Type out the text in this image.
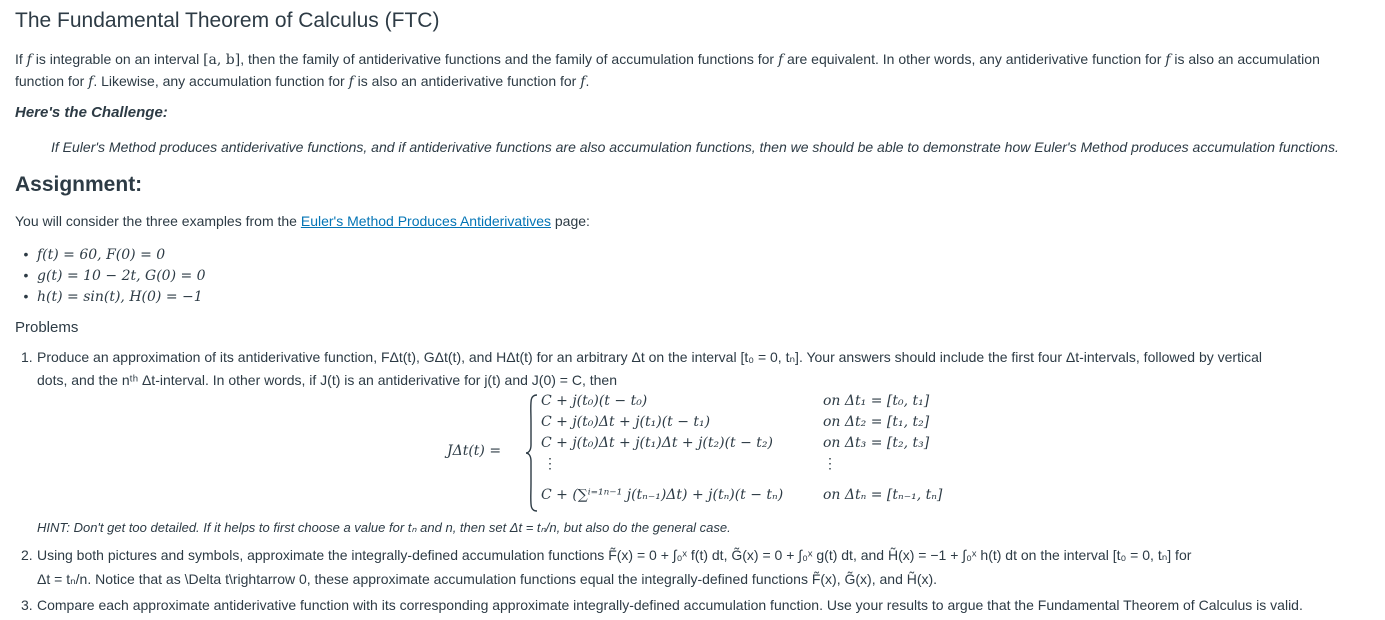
The Fundamental Theorem of Calculus (FTC)
If f is integrable on an interval [a, b], then the family of antiderivative functions and the family of accumulation functions for f are equivalent. In other words, any antiderivative function for f is also an accumulation
function for f. Likewise, any accumulation function for f is also an antiderivative function for f.
Here's the Challenge:
If Euler's Method produces antiderivative functions, and if antiderivative functions are also accumulation functions, then we should be able to demonstrate how Euler's Method produces accumulation functions.
Assignment:
You will consider the three examples from the Euler's Method Produces Antiderivatives page:
• f(t) = 60, F(0) = 0
• g(t) = 10 − 2t, G(0) = 0
• h(t) = sin(t), H(0) = −1
Problems
1. Produce an approximation of its antiderivative function, FΔt(t), GΔt(t), and HΔt(t) for an arbitrary Δt on the interval [t₀ = 0, tₙ]. Your answers should include the first four Δt-intervals, followed by vertical
dots, and the nᵗʰ Δt-interval. In other words, if J(t) is an antiderivative for j(t) and J(0) = C, then
JΔt(t) =
C + j(t₀)(t − t₀)
C + j(t₀)Δt + j(t₁)(t − t₁)
C + j(t₀)Δt + j(t₁)Δt + j(t₂)(t − t₂)
⋮
C + (∑ⁱ⁼¹ⁿ⁻¹ j(tₙ₋₁)Δt) + j(tₙ)(t − tₙ)
on Δt₁ = [t₀, t₁]
on Δt₂ = [t₁, t₂]
on Δt₃ = [t₂, t₃]
⋮
on Δtₙ = [tₙ₋₁, tₙ]
HINT: Don't get too detailed. If it helps to first choose a value for tₙ and n, then set Δt = tₙ/n, but also do the general case.
2. Using both pictures and symbols, approximate the integrally-defined accumulation functions F̃(x) = 0 + ∫₀ˣ f(t) dt, G̃(x) = 0 + ∫₀ˣ g(t) dt, and H̃(x) = −1 + ∫₀ˣ h(t) dt on the interval [t₀ = 0, tₙ] for
Δt = tₙ/n. Notice that as \Delta t\rightarrow 0, these approximate accumulation functions equal the integrally-defined functions F̃(x), G̃(x), and H̃(x).
3. Compare each approximate antiderivative function with its corresponding approximate integrally-defined accumulation function. Use your results to argue that the Fundamental Theorem of Calculus is valid.
